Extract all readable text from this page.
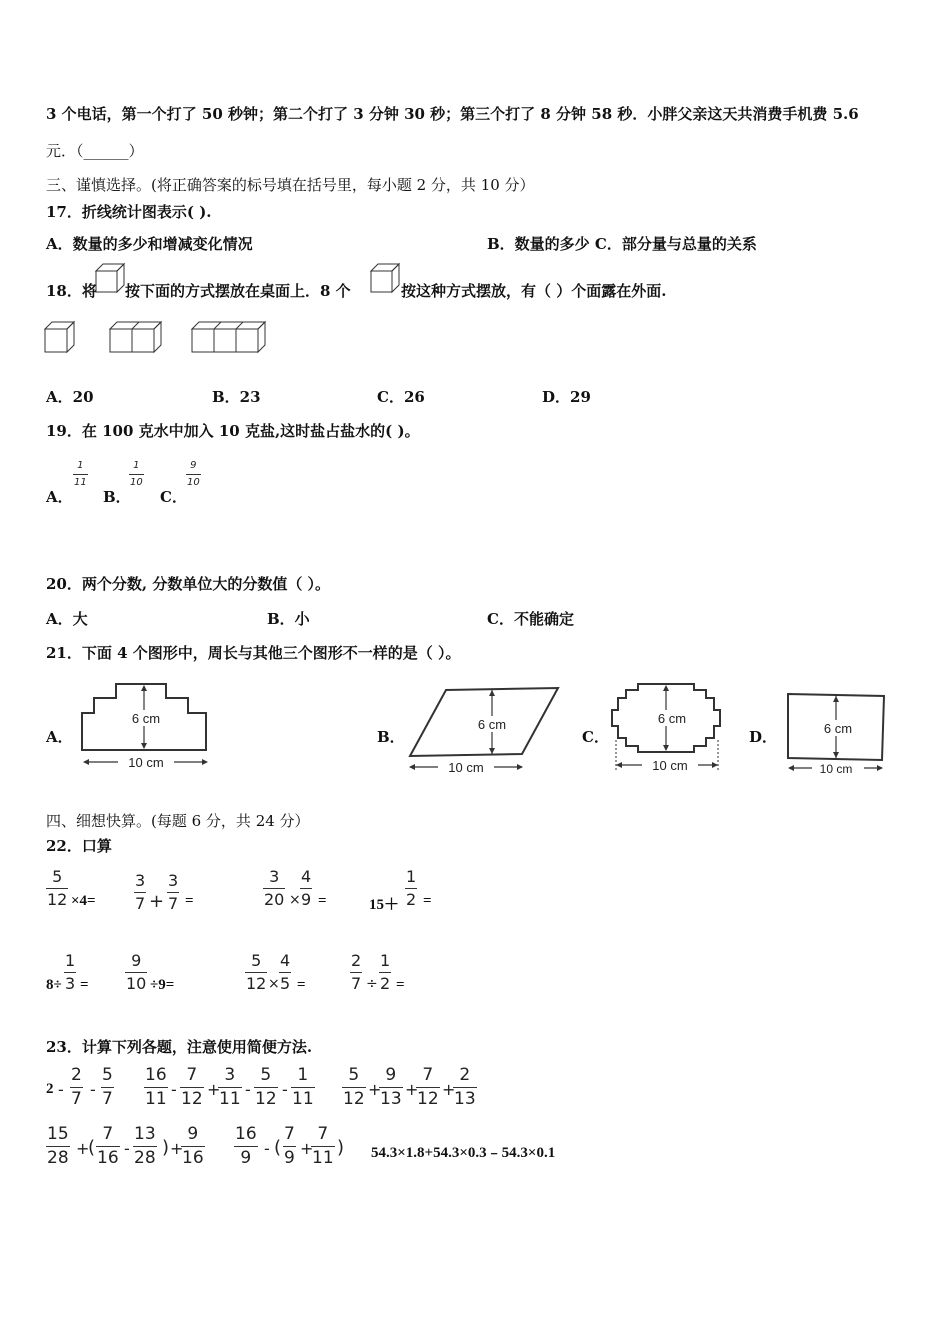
3 个电话，第一个打了 50 秒钟；第二个打了 3 分钟 30 秒；第三个打了 8 分钟 58 秒．小胖父亲这天共消费手机费 5.6
元．（______）
三、谨慎选择。(将正确答案的标号填在括号里，每小题 2 分，共 10 分）
17．折线统计图表示( ).
A．数量的多少和增减变化情况	B．数量的多少 C．部分量与总量的关系
18．将 按下面的方式摆放在桌面上．8 个	按这种方式摆放，有（ ）个面露在外面.
A．20	B．23	C．26	D．29
19．在 100 克水中加入 10 克盐,这时盐占盐水的( )。
A．
1
11
B．
1
10
C．
9
10
20．两个分数, 分数单位大的分数值（ ）。
A．大	B．小	C．不能确定
21．下面 4 个图形中，周长与其他三个图形不一样的是（ ）。
A．	B．	C．	D．
6 cm
10 cm
6 cm
10 cm
6 cm
10 cm
6 cm
10 cm
四、细想快算。(每题 6 分，共 24 分）
22．口算
5
12 ×4=
3
7 +
3
7 =
3
20 ×
4
9 =	15＋
1
2 =
8÷
1
3 =
9
10 ÷9=
5
12 ×
4
5 =
2
7 ÷
1
2 =
23．计算下列各题，注意使用简便方法.
2 -
2
7 -
5
7
16
11 -
7
12 +
3
11 -
5
12 -
1
11
5
12 +
9
13 +
7
12 +
2
13
15
28 +
(
7
16 -
13
28 ) +
9
16
16
9 - (
7
9 +
7
11 ) 54.3×1.8+54.3×0.3﹣54.3×0.1
